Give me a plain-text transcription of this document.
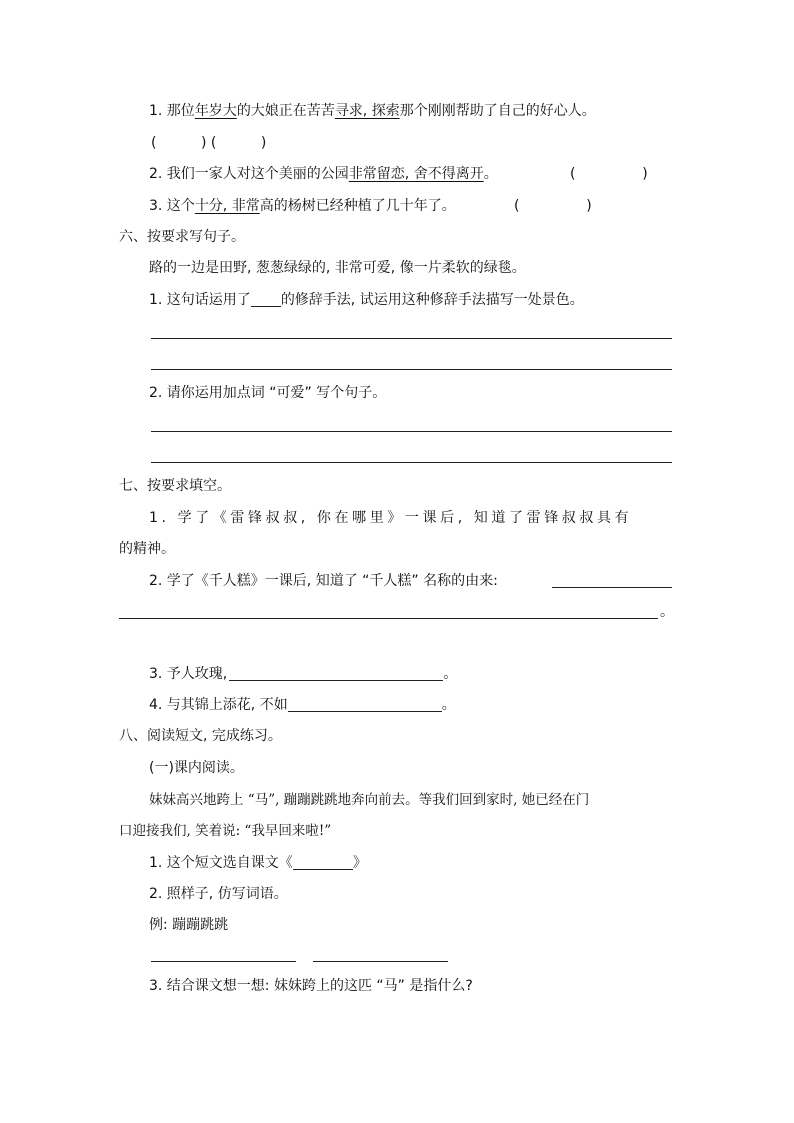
1. 那位年岁大的大娘正在苦苦寻求, 探索那个刚刚帮助了自己的好心人。
(          ) (          )
2. 我们一家人对这个美丽的公园非常留恋, 舍不得离开。	(               )
3. 这个十分, 非常高的杨树已经种植了几十年了。	(               )
六、按要求写句子。
路的一边是田野, 葱葱绿绿的, 非常可爱, 像一片柔软的绿毯。
1. 这句话运用了 的修辞手法, 试运用这种修辞手法描写一处景色。
2. 请你运用加点词 “可爱” 写个句子。
七、按要求填空。
1. 学了《雷锋叔叔, 你在哪里》一课后, 知道了雷锋叔叔具有
的精神。
2. 学了《千人糕》一课后, 知道了 “千人糕” 名称的由来:
。
3. 予人玫瑰,	。
4. 与其锦上添花, 不如	。
八、阅读短文, 完成练习。
(一)课内阅读。
妹妹高兴地跨上 “马”, 蹦蹦跳跳地奔向前去。等我们回到家时, 她已经在门
口迎接我们, 笑着说: “我早回来啦!”
1. 这个短文选自课文《	》
2. 照样子, 仿写词语。
例: 蹦蹦跳跳
3. 结合课文想一想: 妹妹跨上的这匹 “马” 是指什么?
